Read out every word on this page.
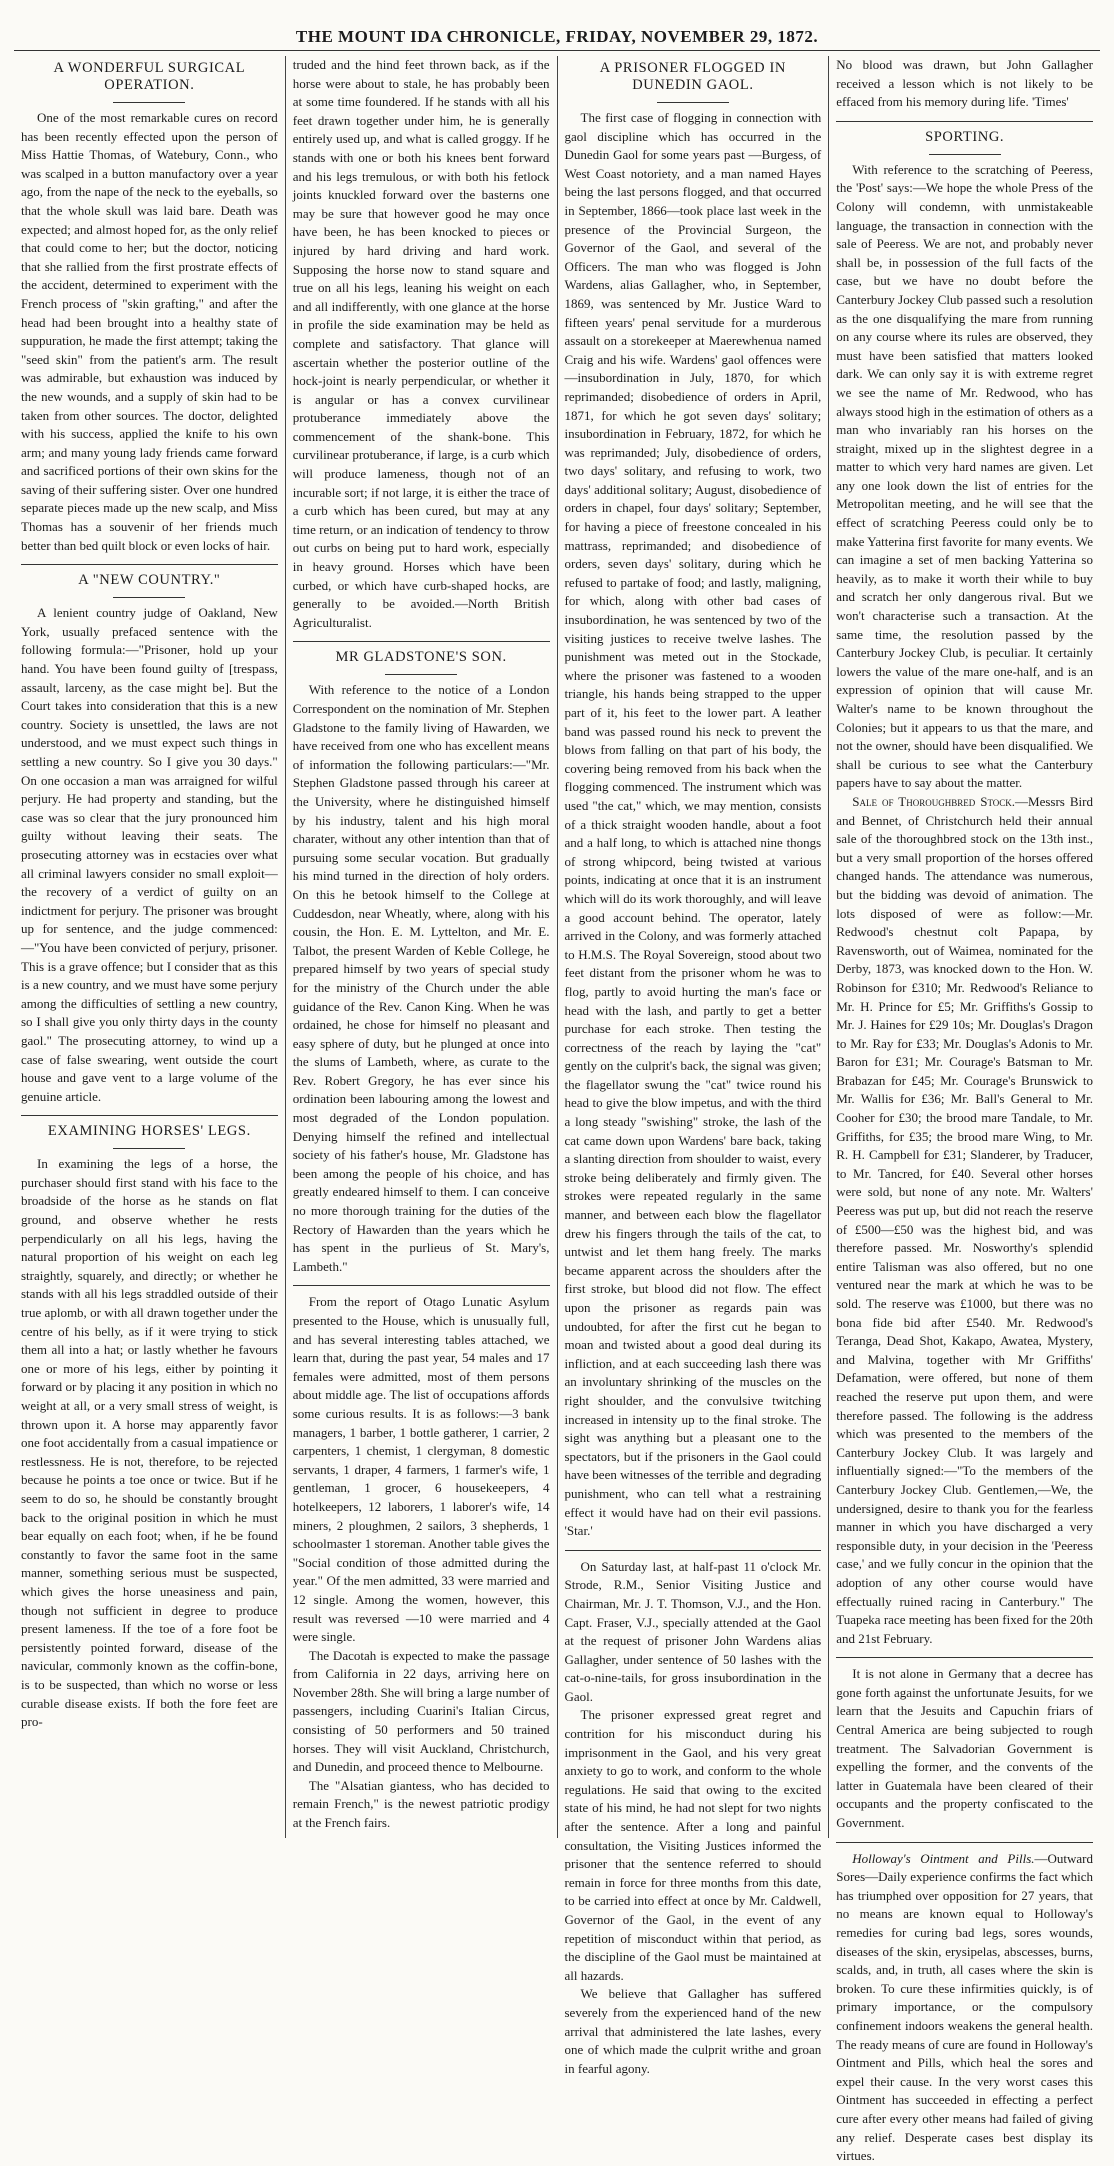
THE MOUNT IDA CHRONICLE, FRIDAY, NOVEMBER 29, 1872.
A WONDERFUL SURGICAL OPERATION.

One of the most remarkable cures on record has been recently effected upon the person of Miss Hattie Thomas, of Watebury, Conn., who was scalped in a button manufactory over a year ago, from the nape of the neck to the eyeballs, so that the whole skull was laid bare. Death was expected; and almost hoped for, as the only relief that could come to her; but the doctor, noticing that she rallied from the first prostrate effects of the accident, determined to experiment with the French process of "skin grafting," and after the head had been brought into a healthy state of suppuration, he made the first attempt; taking the "seed skin" from the patient's arm. The result was admirable, but exhaustion was induced by the new wounds, and a supply of skin had to be taken from other sources. The doctor, delighted with his success, applied the knife to his own arm; and many young lady friends came forward and sacrificed portions of their own skins for the saving of their suffering sister. Over one hundred separate pieces made up the new scalp, and Miss Thomas has a souvenir of her friends much better than bed quilt block or even locks of hair.

A "NEW COUNTRY."

A lenient country judge of Oakland, New York, usually prefaced sentence with the following formula:—"Prisoner, hold up your hand. You have been found guilty of [trespass, assault, larceny, as the case might be]. But the Court takes into consideration that this is a new country. Society is unsettled, the laws are not understood, and we must expect such things in settling a new country. So I give you 30 days." On one occasion a man was arraigned for wilful perjury. He had property and standing, but the case was so clear that the jury pronounced him guilty without leaving their seats. The prosecuting attorney was in ecstacies over what all criminal lawyers consider no small exploit—the recovery of a verdict of guilty on an indictment for perjury. The prisoner was brought up for sentence, and the judge commenced:—"You have been convicted of perjury, prisoner. This is a grave offence; but I consider that as this is a new country, and we must have some perjury among the difficulties of settling a new country, so I shall give you only thirty days in the county gaol." The prosecuting attorney, to wind up a case of false swearing, went outside the court house and gave vent to a large volume of the genuine article.

EXAMINING HORSES' LEGS.

In examining the legs of a horse, the purchaser should first stand with his face to the broadside of the horse as he stands on flat ground, and observe whether he rests perpendicularly on all his legs, having the natural proportion of his weight on each leg straightly, squarely, and directly; or whether he stands with all his legs straddled outside of their true aplomb, or with all drawn together under the centre of his belly, as if it were trying to stick them all into a hat; or lastly whether he favours one or more of his legs, either by pointing it forward or by placing it any position in which no weight at all, or a very small stress of weight, is thrown upon it. A horse may apparently favor one foot accidentally from a casual impatience or restlessness. He is not, therefore, to be rejected because he points a toe once or twice. But if he seem to do so, he should be constantly brought back to the original position in which he must bear equally on each foot; when, if he be found constantly to favor the same foot in the same manner, something serious must be suspected, which gives the horse uneasiness and pain, though not sufficient in degree to produce present lameness. If the toe of a fore foot be persistently pointed forward, disease of the navicular, commonly known as the coffin-bone, is to be suspected, than which no worse or less curable disease exists. If both the fore feet are pro-

truded and the hind feet thrown back, as if the horse were about to stale, he has probably been at some time foundered. If he stands with all his feet drawn together under him, he is generally entirely used up, and what is called groggy. If he stands with one or both his knees bent forward and his legs tremulous, or with both his fetlock joints knuckled forward over the basterns one may be sure that however good he may once have been, he has been knocked to pieces or injured by hard driving and hard work. Supposing the horse now to stand square and true on all his legs, leaning his weight on each and all indifferently, with one glance at the horse in profile the side examination may be held as complete and satisfactory. That glance will ascertain whether the posterior outline of the hock-joint is nearly perpendicular, or whether it is angular or has a convex curvilinear protuberance immediately above the commencement of the shank-bone. This curvilinear protuberance, if large, is a curb which will produce lameness, though not of an incurable sort; if not large, it is either the trace of a curb which has been cured, but may at any time return, or an indication of tendency to throw out curbs on being put to hard work, especially in heavy ground. Horses which have been curbed, or which have curb-shaped hocks, are generally to be avoided.—North British Agriculturalist.

MR GLADSTONE'S SON.

With reference to the notice of a London Correspondent on the nomination of Mr. Stephen Gladstone to the family living of Hawarden, we have received from one who has excellent means of information the following particulars:—"Mr. Stephen Gladstone passed through his career at the University, where he distinguished himself by his industry, talent and his high moral charater, without any other intention than that of pursuing some secular vocation. But gradually his mind turned in the direction of holy orders. On this he betook himself to the College at Cuddesdon, near Wheatly, where, along with his cousin, the Hon. E. M. Lyttelton, and Mr. E. Talbot, the present Warden of Keble College, he prepared himself by two years of special study for the ministry of the Church under the able guidance of the Rev. Canon King. When he was ordained, he chose for himself no pleasant and easy sphere of duty, but he plunged at once into the slums of Lambeth, where, as curate to the Rev. Robert Gregory, he has ever since his ordination been labouring among the lowest and most degraded of the London population. Denying himself the refined and intellectual society of his father's house, Mr. Gladstone has been among the people of his choice, and has greatly endeared himself to them. I can conceive no more thorough training for the duties of the Rectory of Hawarden than the years which he has spent in the purlieus of St. Mary's, Lambeth."

From the report of Otago Lunatic Asylum presented to the House, which is unusually full, and has several interesting tables attached, we learn that, during the past year, 54 males and 17 females were admitted, most of them persons about middle age. The list of occupations affords some curious results. It is as follows:—3 bank managers, 1 barber, 1 bottle gatherer, 1 carrier, 2 carpenters, 1 chemist, 1 clergyman, 8 domestic servants, 1 draper, 4 farmers, 1 farmer's wife, 1 gentleman, 1 grocer, 6 housekeepers, 4 hotelkeepers, 12 laborers, 1 laborer's wife, 14 miners, 2 ploughmen, 2 sailors, 3 shepherds, 1 schoolmaster 1 storeman. Another table gives the "Social condition of those admitted during the year." Of the men admitted, 33 were married and 12 single. Among the women, however, this result was reversed —10 were married and 4 were single.

The Dacotah is expected to make the passage from California in 22 days, arriving here on November 28th. She will bring a large number of passengers, including Cuarini's Italian Circus, consisting of 50 performers and 50 trained horses. They will visit Auckland, Christchurch, and Dunedin, and proceed thence to Melbourne.

The "Alsatian giantess, who has decided to remain French," is the newest patriotic prodigy at the French fairs.

A PRISONER FLOGGED IN DUNEDIN GAOL.

The first case of flogging in connection with gaol discipline which has occurred in the Dunedin Gaol for some years past —Burgess, of West Coast notoriety, and a man named Hayes being the last persons flogged, and that occurred in September, 1866—took place last week in the presence of the Provincial Surgeon, the Governor of the Gaol, and several of the Officers. The man who was flogged is John Wardens, alias Gallagher, who, in September, 1869, was sentenced by Mr. Justice Ward to fifteen years' penal servitude for a murderous assault on a storekeeper at Maerewhenua named Craig and his wife. Wardens' gaol offences were—insubordination in July, 1870, for which reprimanded; disobedience of orders in April, 1871, for which he got seven days' solitary; insubordination in February, 1872, for which he was reprimanded; July, disobedience of orders, two days' solitary, and refusing to work, two days' additional solitary; August, disobedience of orders in chapel, four days' solitary; September, for having a piece of freestone concealed in his mattrass, reprimanded; and disobedience of orders, seven days' solitary, during which he refused to partake of food; and lastly, maligning, for which, along with other bad cases of insubordination, he was sentenced by two of the visiting justices to receive twelve lashes. The punishment was meted out in the Stockade, where the prisoner was fastened to a wooden triangle, his hands being strapped to the upper part of it, his feet to the lower part. A leather band was passed round his neck to prevent the blows from falling on that part of his body, the covering being removed from his back when the flogging commenced. The instrument which was used "the cat," which, we may mention, consists of a thick straight wooden handle, about a foot and a half long, to which is attached nine thongs of strong whipcord, being twisted at various points, indicating at once that it is an instrument which will do its work thoroughly, and will leave a good account behind. The operator, lately arrived in the Colony, and was formerly attached to H.M.S. The Royal Sovereign, stood about two feet distant from the prisoner whom he was to flog, partly to avoid hurting the man's face or head with the lash, and partly to get a better purchase for each stroke. Then testing the correctness of the reach by laying the "cat" gently on the culprit's back, the signal was given; the flagellator swung the "cat" twice round his head to give the blow impetus, and with the third a long steady "swishing" stroke, the lash of the cat came down upon Wardens' bare back, taking a slanting direction from shoulder to waist, every stroke being deliberately and firmly given. The strokes were repeated regularly in the same manner, and between each blow the flagellator drew his fingers through the tails of the cat, to untwist and let them hang freely. The marks became apparent across the shoulders after the first stroke, but blood did not flow. The effect upon the prisoner as regards pain was undoubted, for after the first cut he began to moan and twisted about a good deal during its infliction, and at each succeeding lash there was an involuntary shrinking of the muscles on the right shoulder, and the convulsive twitching increased in intensity up to the final stroke. The sight was anything but a pleasant one to the spectators, but if the prisoners in the Gaol could have been witnesses of the terrible and degrading punishment, who can tell what a restraining effect it would have had on their evil passions. 'Star.'

On Saturday last, at half-past 11 o'clock Mr. Strode, R.M., Senior Visiting Justice and Chairman, Mr. J. T. Thomson, V.J., and the Hon. Capt. Fraser, V.J., specially attended at the Gaol at the request of prisoner John Wardens alias Gallagher, under sentence of 50 lashes with the cat-o-nine-tails, for gross insubordination in the Gaol.

The prisoner expressed great regret and contrition for his misconduct during his imprisonment in the Gaol, and his very great anxiety to go to work, and conform to the whole regulations. He said that owing to the excited state of his mind, he had not slept for two nights after the sentence. After a long and painful consultation, the Visiting Justices informed the prisoner that the sentence referred to should remain in force for three months from this date, to be carried into effect at once by Mr. Caldwell, Governor of the Gaol, in the event of any repetition of misconduct within that period, as the discipline of the Gaol must be maintained at all hazards.

We believe that Gallagher has suffered severely from the experienced hand of the new arrival that administered the late lashes, every one of which made the culprit writhe and groan in fearful agony.

No blood was drawn, but John Gallagher received a lesson which is not likely to be effaced from his memory during life. 'Times'

SPORTING.

With reference to the scratching of Peeress, the 'Post' says:—We hope the whole Press of the Colony will condemn, with unmistakeable language, the transaction in connection with the sale of Peeress. We are not, and probably never shall be, in possession of the full facts of the case, but we have no doubt before the Canterbury Jockey Club passed such a resolution as the one disqualifying the mare from running on any course where its rules are observed, they must have been satisfied that matters looked dark. We can only say it is with extreme regret we see the name of Mr. Redwood, who has always stood high in the estimation of others as a man who invariably ran his horses on the straight, mixed up in the slightest degree in a matter to which very hard names are given. Let any one look down the list of entries for the Metropolitan meeting, and he will see that the effect of scratching Peeress could only be to make Yatterina first favorite for many events. We can imagine a set of men backing Yatterina so heavily, as to make it worth their while to buy and scratch her only dangerous rival. But we won't characterise such a transaction. At the same time, the resolution passed by the Canterbury Jockey Club, is peculiar. It certainly lowers the value of the mare one-half, and is an expression of opinion that will cause Mr. Walter's name to be known throughout the Colonies; but it appears to us that the mare, and not the owner, should have been disqualified. We shall be curious to see what the Canterbury papers have to say about the matter.

Sale of Thoroughbred Stock.—Messrs Bird and Bennet, of Christchurch held their annual sale of the thoroughbred stock on the 13th inst., but a very small proportion of the horses offered changed hands. The attendance was numerous, but the bidding was devoid of animation. The lots disposed of were as follow:—Mr. Redwood's chestnut colt Papapa, by Ravensworth, out of Waimea, nominated for the Derby, 1873, was knocked down to the Hon. W. Robinson for £310; Mr. Redwood's Reliance to Mr. H. Prince for £5; Mr. Griffiths's Gossip to Mr. J. Haines for £29 10s; Mr. Douglas's Dragon to Mr. Ray for £33; Mr. Douglas's Adonis to Mr. Baron for £31; Mr. Courage's Batsman to Mr. Brabazan for £45; Mr. Courage's Brunswick to Mr. Wallis for £36; Mr. Ball's General to Mr. Cooher for £30; the brood mare Tandale, to Mr. Griffiths, for £35; the brood mare Wing, to Mr. R. H. Campbell for £31; Slanderer, by Traducer, to Mr. Tancred, for £40. Several other horses were sold, but none of any note. Mr. Walters' Peeress was put up, but did not reach the reserve of £500—£50 was the highest bid, and was therefore passed. Mr. Nosworthy's splendid entire Talisman was also offered, but no one ventured near the mark at which he was to be sold. The reserve was £1000, but there was no bona fide bid after £540. Mr. Redwood's Teranga, Dead Shot, Kakapo, Awatea, Mystery, and Malvina, together with Mr Griffiths' Defamation, were offered, but none of them reached the reserve put upon them, and were therefore passed. The following is the address which was presented to the members of the Canterbury Jockey Club. It was largely and influentially signed:—"To the members of the Canterbury Jockey Club. Gentlemen,—We, the undersigned, desire to thank you for the fearless manner in which you have discharged a very responsible duty, in your decision in the 'Peeress case,' and we fully concur in the opinion that the adoption of any other course would have effectually ruined racing in Canterbury." The Tuapeka race meeting has been fixed for the 20th and 21st February.

It is not alone in Germany that a decree has gone forth against the unfortunate Jesuits, for we learn that the Jesuits and Capuchin friars of Central America are being subjected to rough treatment. The Salvadorian Government is expelling the former, and the convents of the latter in Guatemala have been cleared of their occupants and the property confiscated to the Government.

Holloway's Ointment and Pills.—Outward Sores—Daily experience confirms the fact which has triumphed over opposition for 27 years, that no means are known equal to Holloway's remedies for curing bad legs, sores wounds, diseases of the skin, erysipelas, abscesses, burns, scalds, and, in truth, all cases where the skin is broken. To cure these infirmities quickly, is of primary importance, or the compulsory confinement indoors weakens the general health. The ready means of cure are found in Holloway's Ointment and Pills, which heal the sores and expel their cause. In the very worst cases this Ointment has succeeded in effecting a perfect cure after every other means had failed of giving any relief. Desperate cases best display its virtues.
